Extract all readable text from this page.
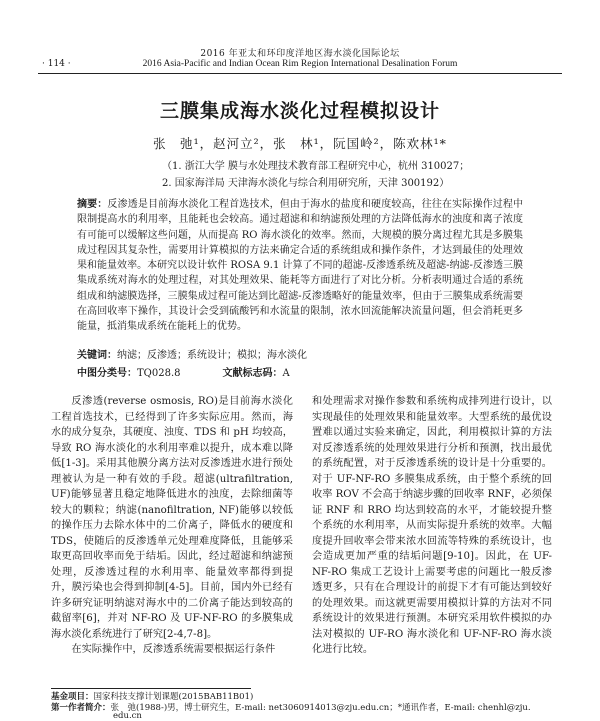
2016 年亚太和环印度洋地区海水淡化国际论坛
· 114 ·	2016 Asia-Pacific and Indian Ocean Rim Region International Desalination Forum
三膜集成海水淡化过程模拟设计
张　弛¹，赵河立²，张　林¹，阮国岭²，陈欢林¹*
（1. 浙江大学 膜与水处理技术教育部工程研究中心，杭州 310027；
2. 国家海洋局 天津海水淡化与综合利用研究所，天津 300192）
摘要：反渗透是目前海水淡化工程首选技术，但由于海水的盐度和硬度较高，往往在实际操作过程中限制提高水的利用率，且能耗也会较高。通过超滤和和纳滤预处理的方法降低海水的浊度和离子浓度有可能可以缓解这些问题，从而提高 RO 海水淡化的效率。然而，大规模的膜分离过程尤其是多膜集成过程因其复杂性，需要用计算模拟的方法来确定合适的系统组成和操作条件，才达到最佳的处理效果和能量效率。本研究以设计软件 ROSA 9.1 计算了不同的超滤-反渗透系统及超滤-纳滤-反渗透三膜集成系统对海水的处理过程，对其处理效果、能耗等方面进行了对比分析。分析表明通过合适的系统组成和纳滤膜选择，三膜集成过程可能达到比超滤-反渗透略好的能量效率，但由于三膜集成系统需要在高回收率下操作，其设计会受到硫酸钙和水流量的限制，浓水回流能解决流量问题，但会消耗更多能量，抵消集成系统在能耗上的优势。
关键词：纳滤；反渗透；系统设计；模拟；海水淡化
中图分类号：TQ028.8	文献标志码：A

反渗透(reverse osmosis, RO)是目前海水淡化工程首选技术，已经得到了许多实际应用。然而，海水的成分复杂，其硬度、浊度、TDS 和 pH 均较高，导致 RO 海水淡化的水利用率难以提升，成本难以降低[1-3]。采用其他膜分离方法对反渗透进水进行预处理被认为是一种有效的手段。超滤(ultrafiltration, UF)能够显著且稳定地降低进水的浊度，去除细菌等较大的颗粒；纳滤(nanofiltration, NF)能够以较低的操作压力去除水体中的二价离子，降低水的硬度和 TDS，使随后的反渗透单元处理难度降低，且能够采取更高回收率而免于结垢。因此，经过超滤和纳滤预处理，反渗透过程的水利用率、能量效率都得到提升，膜污染也会得到抑制[4-5]。目前，国内外已经有许多研究证明纳滤对海水中的二价离子能达到较高的截留率[6]，并对 NF-RO 及 UF-NF-RO 的多膜集成海水淡化系统进行了研究[2-4,7-8]。

在实际操作中，反渗透系统需要根据运行条件

和处理需求对操作参数和系统构成排列进行设计，以实现最佳的处理效果和能量效率。大型系统的最优设置难以通过实验来确定，因此，利用模拟计算的方法对反渗透系统的处理效果进行分析和预测，找出最优的系统配置，对于反渗透系统的设计是十分重要的。对于 UF-NF-RO 多膜集成系统，由于整个系统的回收率 ROV 不会高于纳滤步骤的回收率 RNF，必须保证 RNF 和 RRO 均达到较高的水平，才能较提升整个系统的水利用率，从而实际提升系统的效率。大幅度提升回收率会带来浓水回流等特殊的系统设计，也会造成更加严重的结垢问题[9-10]。因此，在 UF-NF-RO 集成工艺设计上需要考虑的问题比一般反渗透更多，只有在合理设计的前提下才有可能达到较好的处理效果。而这就更需要用模拟计算的方法对不同系统设计的效果进行预测。本研究采用软件模拟的办法对模拟的 UF-RO 海水淡化和 UF-NF-RO 海水淡化进行比较。

基金项目：国家科技支撑计划课题(2015BAB11B01)
第一作者简介：张　弛(1988-)男，博士研究生，E-mail: net3060914013@zju.edu.cn；*通讯作者，E-mail: chenhl@zju.
edu.cn
